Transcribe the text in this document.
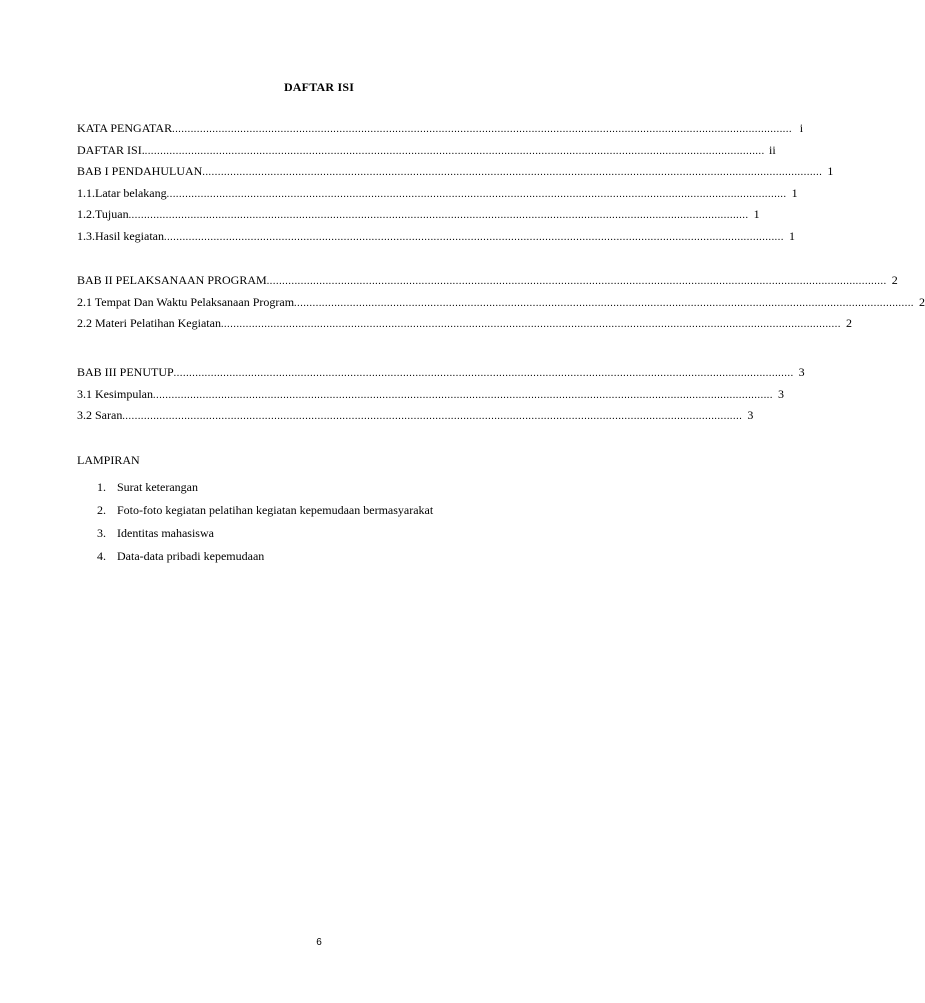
DAFTAR ISI
KATA PENGATAR ........................................................................................................................................................................................................ i
DAFTAR ISI. ........................................................................................................................................................................................................ ii
BAB I PENDAHULUAN ........................................................................................................................................................................................................ 1
1.1.Latar belakang ........................................................................................................................................................................................................ 1
1.2.Tujuan ........................................................................................................................................................................................................ 1
1.3.Hasil kegiatan ........................................................................................................................................................................................................ 1
BAB II PELAKSANAAN PROGRAM ........................................................................................................................................................................................................ 2
2.1 Tempat Dan Waktu Pelaksanaan Program ........................................................................................................................................................................................................ 2
2.2 Materi Pelatihan Kegiatan ........................................................................................................................................................................................................ 2
BAB III PENUTUP ........................................................................................................................................................................................................ 3
3.1 Kesimpulan ........................................................................................................................................................................................................ 3
3.2 Saran ........................................................................................................................................................................................................ 3
LAMPIRAN
1. Surat keterangan
2. Foto-foto kegiatan pelatihan kegiatan kepemudaan bermasyarakat
3. Identitas mahasiswa
4. Data-data pribadi kepemudaan
6
